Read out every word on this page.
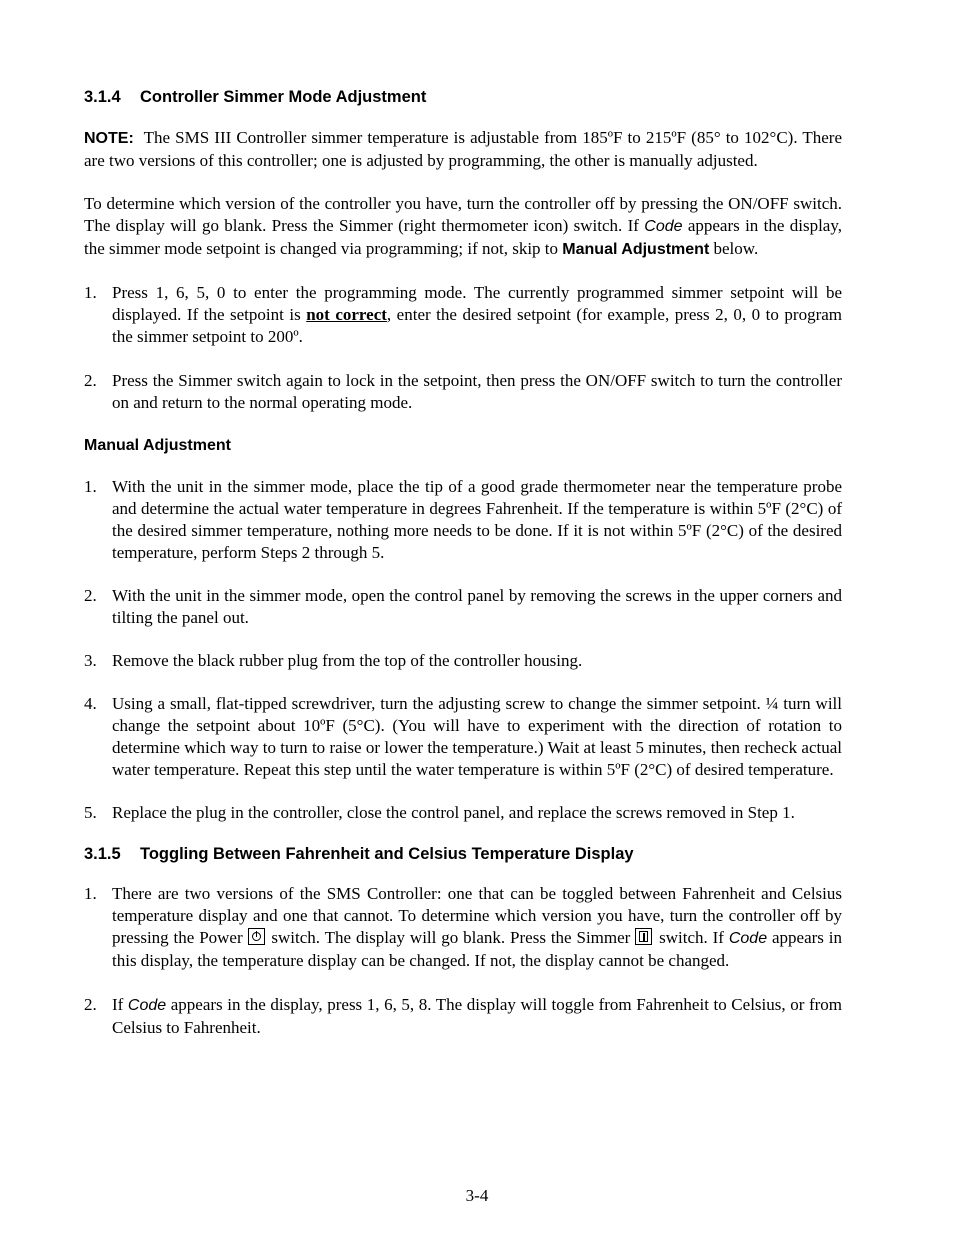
3.1.4 Controller Simmer Mode Adjustment

NOTE: The SMS III Controller simmer temperature is adjustable from 185ºF to 215ºF (85° to 102°C). There are two versions of this controller; one is adjusted by programming, the other is manually adjusted.

To determine which version of the controller you have, turn the controller off by pressing the ON/OFF switch. The display will go blank. Press the Simmer (right thermometer icon) switch. If Code appears in the display, the simmer mode setpoint is changed via programming; if not, skip to Manual Adjustment below.

1. Press 1, 6, 5, 0 to enter the programming mode. The currently programmed simmer setpoint will be displayed. If the setpoint is not correct, enter the desired setpoint (for example, press 2, 0, 0 to program the simmer setpoint to 200º.
2. Press the Simmer switch again to lock in the setpoint, then press the ON/OFF switch to turn the controller on and return to the normal operating mode.

Manual Adjustment

1. With the unit in the simmer mode, place the tip of a good grade thermometer near the temperature probe and determine the actual water temperature in degrees Fahrenheit. If the temperature is within 5ºF (2°C) of the desired simmer temperature, nothing more needs to be done. If it is not within 5ºF (2°C) of the desired temperature, perform Steps 2 through 5.
2. With the unit in the simmer mode, open the control panel by removing the screws in the upper corners and tilting the panel out.
3. Remove the black rubber plug from the top of the controller housing.
4. Using a small, flat-tipped screwdriver, turn the adjusting screw to change the simmer setpoint. ¼ turn will change the setpoint about 10ºF (5°C). (You will have to experiment with the direction of rotation to determine which way to turn to raise or lower the temperature.) Wait at least 5 minutes, then recheck actual water temperature. Repeat this step until the water temperature is within 5ºF (2°C) of desired temperature.
5. Replace the plug in the controller, close the control panel, and replace the screws removed in Step 1.
3.1.5 Toggling Between Fahrenheit and Celsius Temperature Display
1. There are two versions of the SMS Controller: one that can be toggled between Fahrenheit and Celsius temperature display and one that cannot. To determine which version you have, turn the controller off by pressing the Power  switch. The display will go blank. Press the Simmer  switch. If Code appears in this display, the temperature display can be changed. If not, the display cannot be changed.
2. If Code appears in the display, press 1, 6, 5, 8. The display will toggle from Fahrenheit to Celsius, or from Celsius to Fahrenheit.
3-4
